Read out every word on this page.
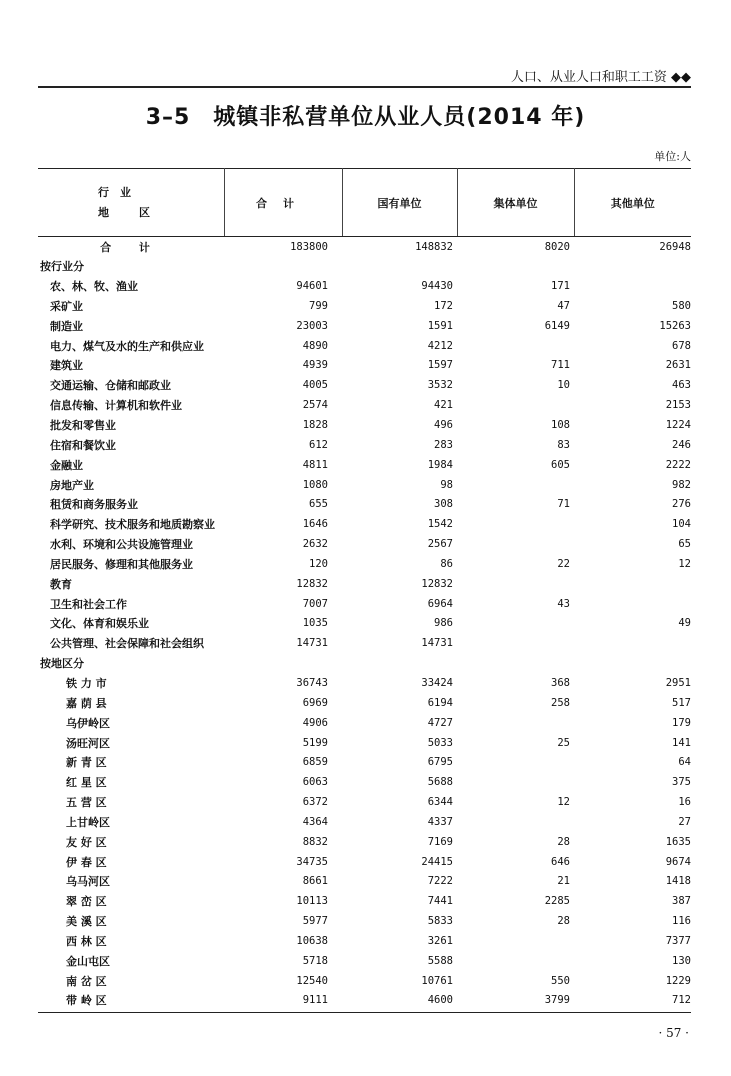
人口、从业人口和职工工资 ◆◆
3–5　城镇非私营单位从业人员(2014 年)
单位:人
行　业
地区	合计	国有单位	集体单位	其他单位
合 计	183800	148832	8020	26948
按行业分				
农、林、牧、渔业	94601	94430	171	
采矿业	799	172	47	580
制造业	23003	1591	6149	15263
电力、煤气及水的生产和供应业	4890	4212		678
建筑业	4939	1597	711	2631
交通运输、仓储和邮政业	4005	3532	10	463
信息传输、计算机和软件业	2574	421		2153
批发和零售业	1828	496	108	1224
住宿和餐饮业	612	283	83	246
金融业	4811	1984	605	2222
房地产业	1080	98		982
租赁和商务服务业	655	308	71	276
科学研究、技术服务和地质勘察业	1646	1542		104
水利、环境和公共设施管理业	2632	2567		65
居民服务、修理和其他服务业	120	86	22	12
教育	12832	12832		
卫生和社会工作	7007	6964	43	
文化、体育和娱乐业	1035	986		49
公共管理、社会保障和社会组织	14731	14731		
按地区分				
铁 力 市	36743	33424	368	2951
嘉 荫 县	6969	6194	258	517
乌伊岭区	4906	4727		179
汤旺河区	5199	5033	25	141
新 青 区	6859	6795		64
红 星 区	6063	5688		375
五 营 区	6372	6344	12	16
上甘岭区	4364	4337		27
友 好 区	8832	7169	28	1635
伊 春 区	34735	24415	646	9674
乌马河区	8661	7222	21	1418
翠 峦 区	10113	7441	2285	387
美 溪 区	5977	5833	28	116
西 林 区	10638	3261		7377
金山屯区	5718	5588		130
南 岔 区	12540	10761	550	1229
带 岭 区	9111	4600	3799	712
· 57 ·
